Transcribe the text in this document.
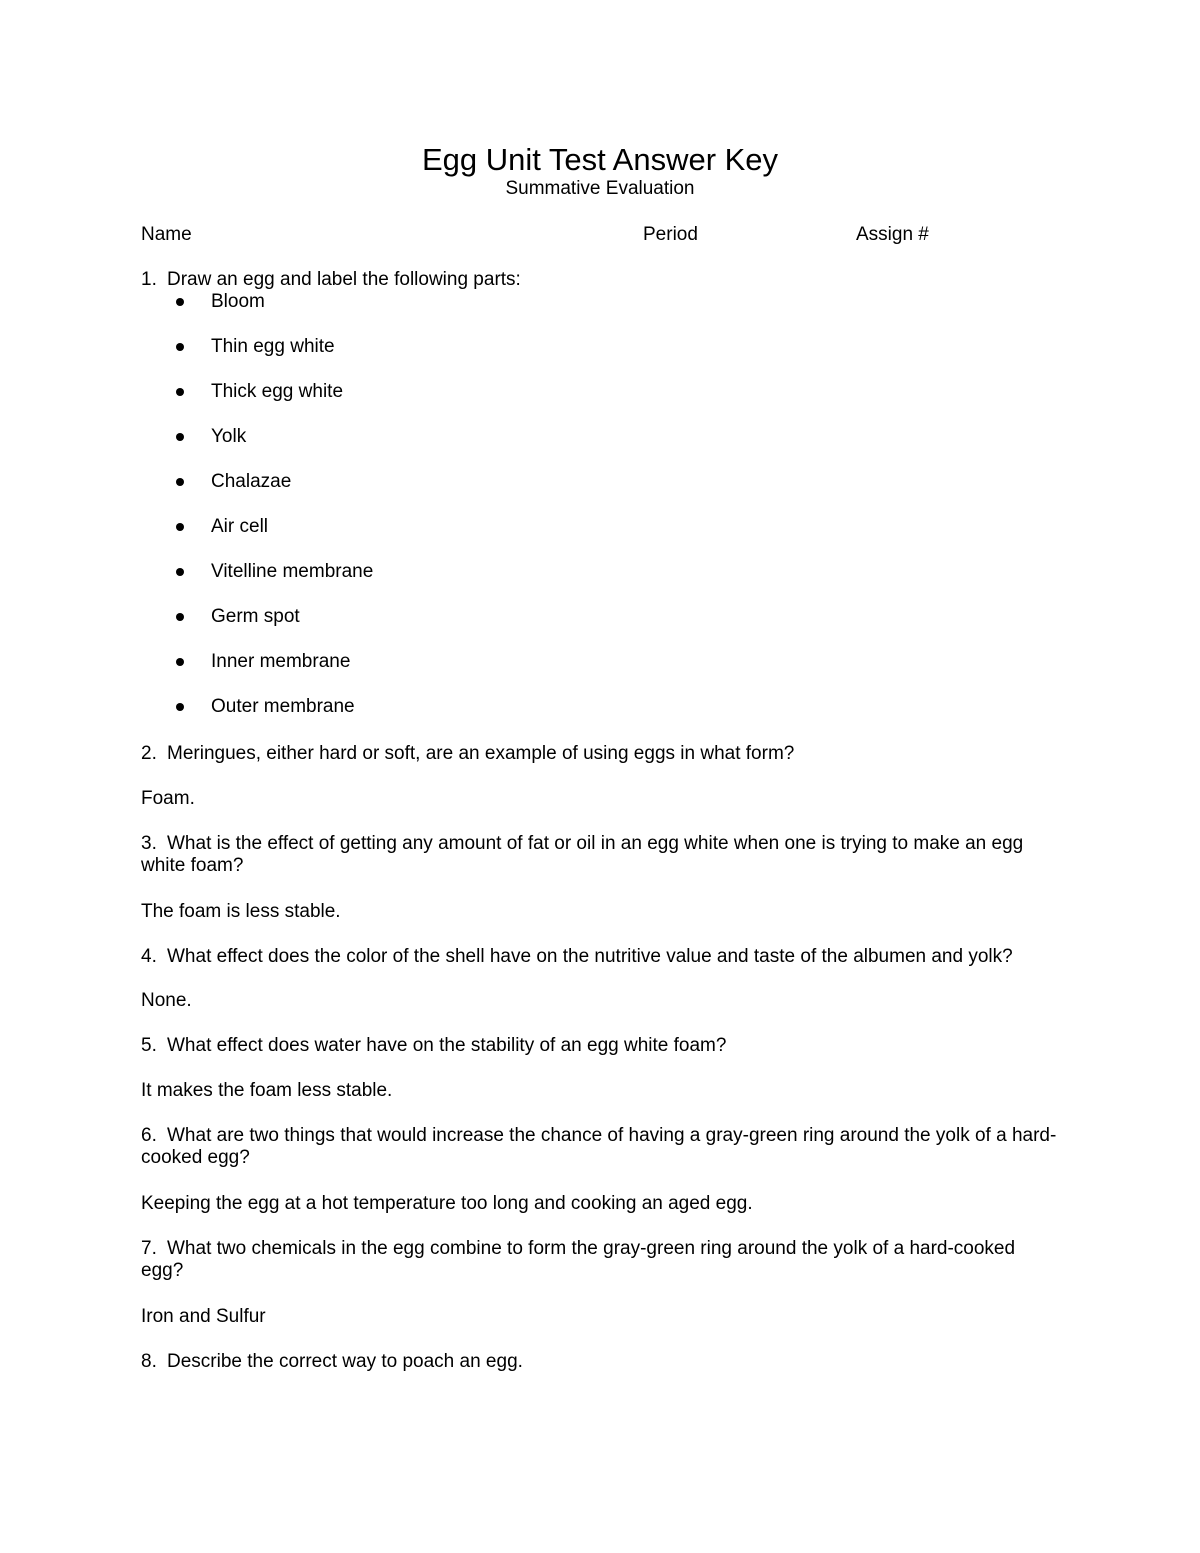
Egg Unit Test Answer Key
Summative Evaluation
Name	Period	Assign #
1. Draw an egg and label the following parts:
Bloom
Thin egg white
Thick egg white
Yolk
Chalazae
Air cell
Vitelline membrane
Germ spot
Inner membrane
Outer membrane
2. Meringues, either hard or soft, are an example of using eggs in what form?
Foam.
3. What is the effect of getting any amount of fat or oil in an egg white when one is trying to make an egg white foam?
The foam is less stable.
4. What effect does the color of the shell have on the nutritive value and taste of the albumen and yolk?
None.
5. What effect does water have on the stability of an egg white foam?
It makes the foam less stable.
6. What are two things that would increase the chance of having a gray-green ring around the yolk of a hard-cooked egg?
Keeping the egg at a hot temperature too long and cooking an aged egg.
7. What two chemicals in the egg combine to form the gray-green ring around the yolk of a hard-cooked egg?
Iron and Sulfur
8. Describe the correct way to poach an egg.
